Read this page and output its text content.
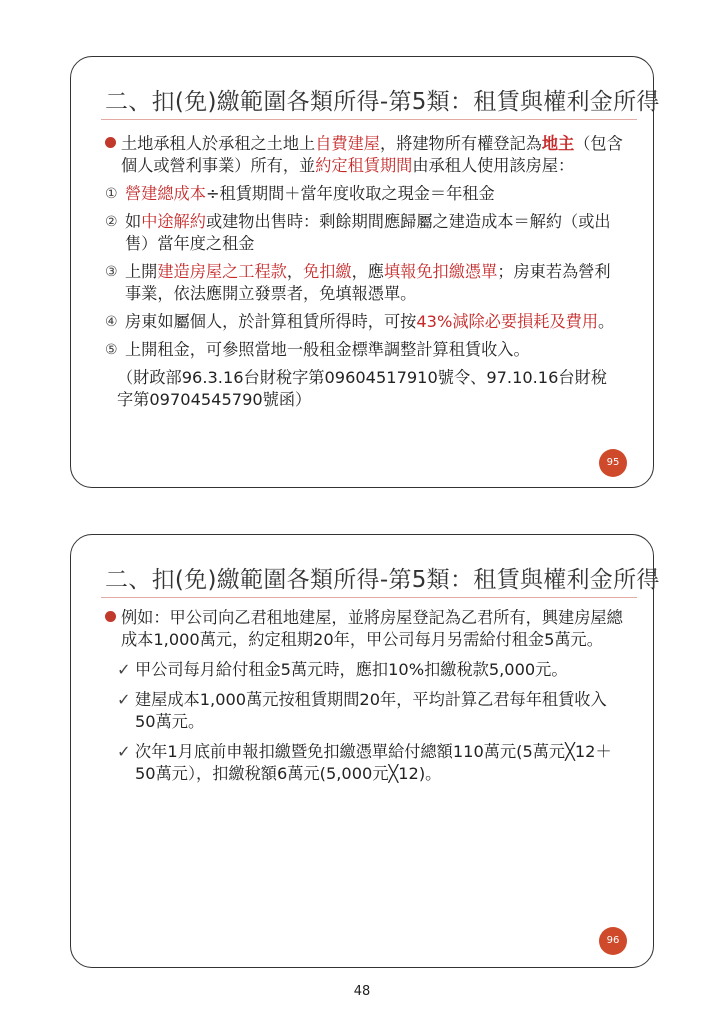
二、扣(免)繳範圍各類所得-第5類：租賃與權利金所得
土地承租人於承租之土地上自費建屋，將建物所有權登記為地主（包含個人或營利事業）所有，並約定租賃期間由承租人使用該房屋：
① 營建總成本÷租賃期間＋當年度收取之現金＝年租金
② 如中途解約或建物出售時：剩餘期間應歸屬之建造成本＝解約（或出售）當年度之租金
③ 上開建造房屋之工程款，免扣繳，應填報免扣繳憑單；房東若為營利事業，依法應開立發票者，免填報憑單。
④ 房東如屬個人，於計算租賃所得時，可按43%減除必要損耗及費用。
⑤ 上開租金，可參照當地一般租金標準調整計算租賃收入。
（財政部96.3.16台財稅字第09604517910號令、97.10.16台財稅字第09704545790號函）
95
二、扣(免)繳範圍各類所得-第5類：租賃與權利金所得
例如：甲公司向乙君租地建屋，並將房屋登記為乙君所有，興建房屋總成本1,000萬元，約定租期20年，甲公司每月另需給付租金5萬元。
✓ 甲公司每月給付租金5萬元時，應扣10%扣繳稅款5,000元。
✓ 建屋成本1,000萬元按租賃期間20年，平均計算乙君每年租賃收入50萬元。
✓ 次年1月底前申報扣繳暨免扣繳憑單給付總額110萬元(5萬元╳12＋50萬元），扣繳稅額6萬元(5,000元╳12)。
96
48
